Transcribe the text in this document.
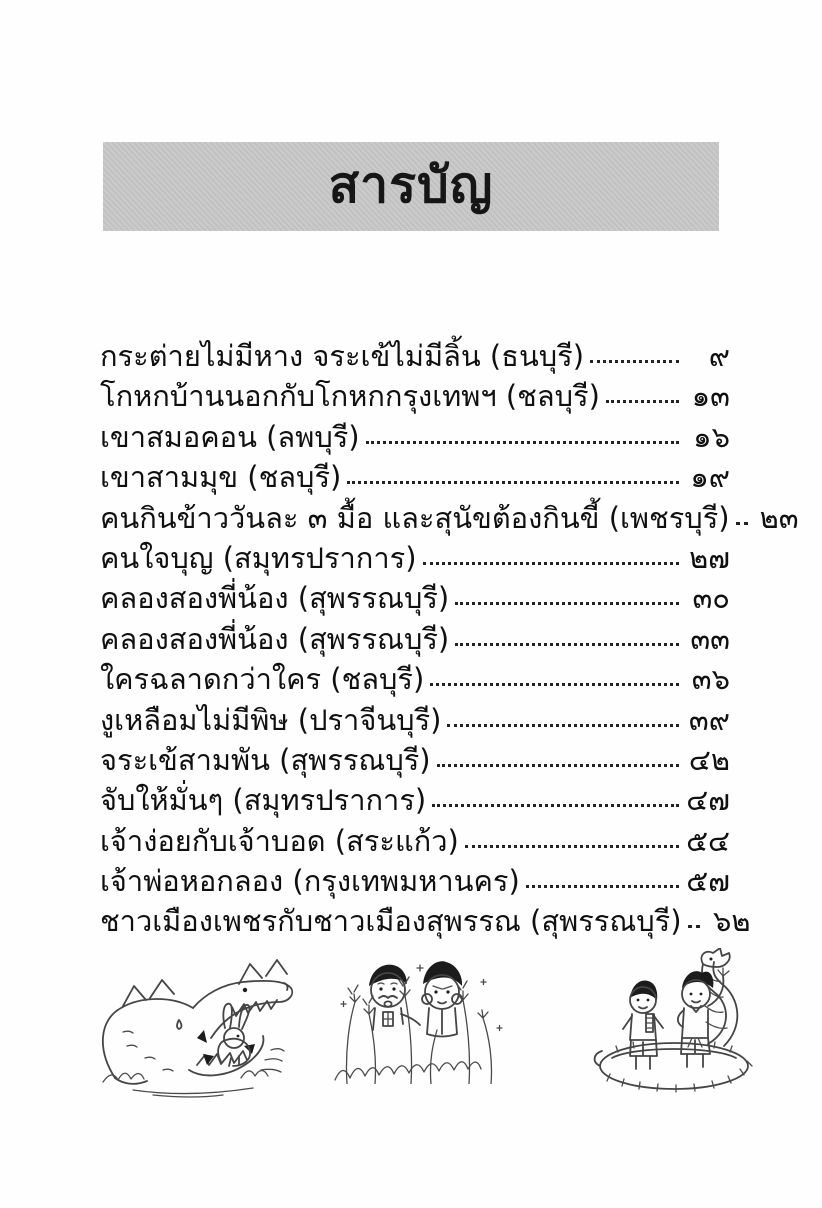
สารบัญ
กระต่ายไม่มีหาง จระเข้ไม่มีลิ้น (ธนบุรี)	๙
โกหกบ้านนอกกับโกหกกรุงเทพฯ (ชลบุรี)	๑๓
เขาสมอคอน (ลพบุรี)	๑๖
เขาสามมุข (ชลบุรี)	๑๙
คนกินข้าววันละ ๓ มื้อ และสุนัขต้องกินขี้ (เพชรบุรี) ๒๓
คนใจบุญ (สมุทรปราการ)	๒๗
คลองสองพี่น้อง (สุพรรณบุรี)	๓๐
คลองสองพี่น้อง (สุพรรณบุรี)	๓๓
ใครฉลาดกว่าใคร (ชลบุรี)	๓๖
งูเหลือมไม่มีพิษ (ปราจีนบุรี)	๓๙
จระเข้สามพัน (สุพรรณบุรี)	๔๒
จับให้มั่นๆ (สมุทรปราการ)	๔๗
เจ้าง่อยกับเจ้าบอด (สระแก้ว)	๕๔
เจ้าพ่อหอกลอง (กรุงเทพมหานคร)	๕๗
ชาวเมืองเพชรกับชาวเมืองสุพรรณ (สุพรรณบุรี) ๖๒
